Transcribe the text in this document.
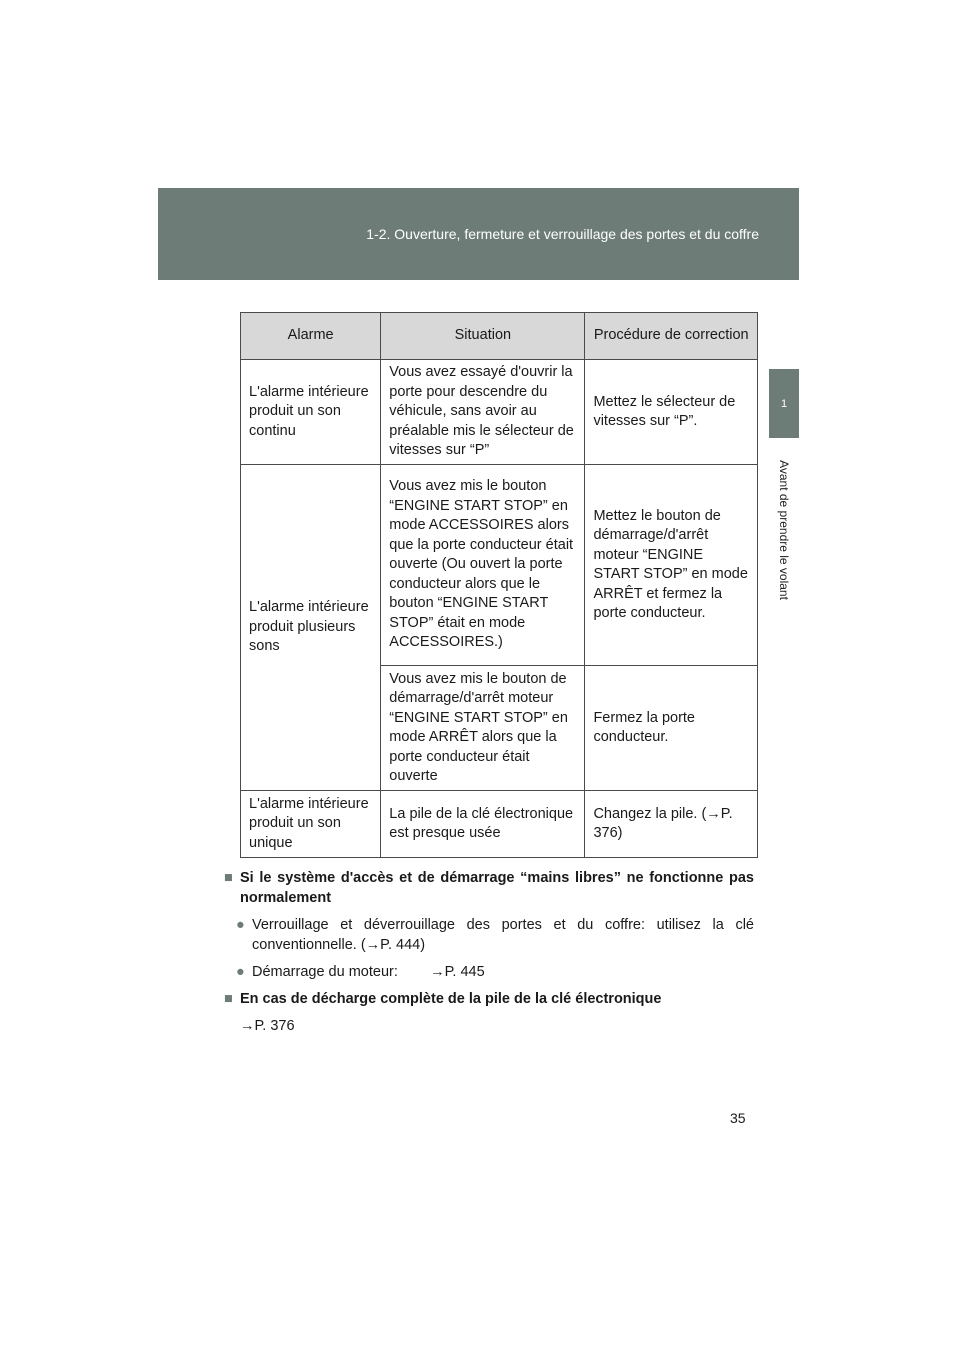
1-2. Ouverture, fermeture et verrouillage des portes et du coffre
1
Avant de prendre le volant
Alarme	Situation	Procédure de correction
L'alarme intérieure produit un son continu	Vous avez essayé d'ouvrir la porte pour descendre du véhicule, sans avoir au préalable mis le sélecteur de vitesses sur “P”	Mettez le sélecteur de vitesses sur “P”.
L'alarme intérieure produit plusieurs sons	Vous avez mis le bouton “ENGINE START STOP” en mode ACCESSOIRES alors que la porte conducteur était ouverte (Ou ouvert la porte conducteur alors que le bouton “ENGINE START STOP” était en mode ACCESSOIRES.)	Mettez le bouton de démarrage/d'arrêt moteur “ENGINE START STOP” en mode ARRÊT et fermez la porte conducteur.
	Vous avez mis le bouton de démarrage/d'arrêt moteur “ENGINE START STOP” en mode ARRÊT alors que la porte conducteur était ouverte	Fermez la porte conducteur.
L'alarme intérieure produit un son unique	La pile de la clé électronique est presque usée	Changez la pile. (→P. 376)
■ Si le système d'accès et de démarrage “mains libres” ne fonctionne pas normalement
● Verrouillage et déverrouillage des portes et du coffre: utilisez la clé conventionnelle. (→P. 444)
● Démarrage du moteur:        →P. 445
■ En cas de décharge complète de la pile de la clé électronique
→P. 376
35
